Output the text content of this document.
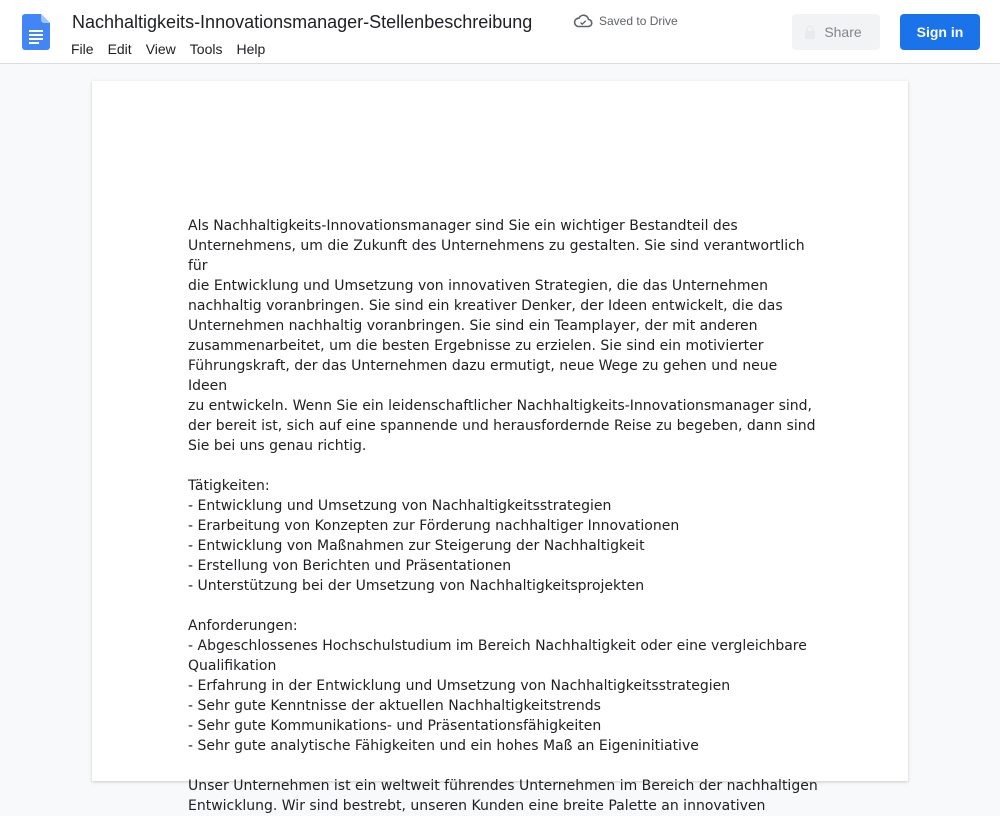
Nachhaltigkeits-Innovationsmanager-Stellenbeschreibung	Saved to Drive
File	Edit	View	Tools	Help
Share	Sign in

Als Nachhaltigkeits-Innovationsmanager sind Sie ein wichtiger Bestandteil des

Unternehmens, um die Zukunft des Unternehmens zu gestalten. Sie sind verantwortlich für

die Entwicklung und Umsetzung von innovativen Strategien, die das Unternehmen

nachhaltig voranbringen. Sie sind ein kreativer Denker, der Ideen entwickelt, die das

Unternehmen nachhaltig voranbringen. Sie sind ein Teamplayer, der mit anderen

zusammenarbeitet, um die besten Ergebnisse zu erzielen. Sie sind ein motivierter

Führungskraft, der das Unternehmen dazu ermutigt, neue Wege zu gehen und neue Ideen

zu entwickeln. Wenn Sie ein leidenschaftlicher Nachhaltigkeits-Innovationsmanager sind,

der bereit ist, sich auf eine spannende und herausfordernde Reise zu begeben, dann sind

Sie bei uns genau richtig.

Tätigkeiten:

- Entwicklung und Umsetzung von Nachhaltigkeitsstrategien

- Erarbeitung von Konzepten zur Förderung nachhaltiger Innovationen

- Entwicklung von Maßnahmen zur Steigerung der Nachhaltigkeit

- Erstellung von Berichten und Präsentationen

- Unterstützung bei der Umsetzung von Nachhaltigkeitsprojekten

Anforderungen:

- Abgeschlossenes Hochschulstudium im Bereich Nachhaltigkeit oder eine vergleichbare

Qualifikation

- Erfahrung in der Entwicklung und Umsetzung von Nachhaltigkeitsstrategien

- Sehr gute Kenntnisse der aktuellen Nachhaltigkeitstrends

- Sehr gute Kommunikations- und Präsentationsfähigkeiten

- Sehr gute analytische Fähigkeiten und ein hohes Maß an Eigeninitiative

Unser Unternehmen ist ein weltweit führendes Unternehmen im Bereich der nachhaltigen

Entwicklung. Wir sind bestrebt, unseren Kunden eine breite Palette an innovativen
